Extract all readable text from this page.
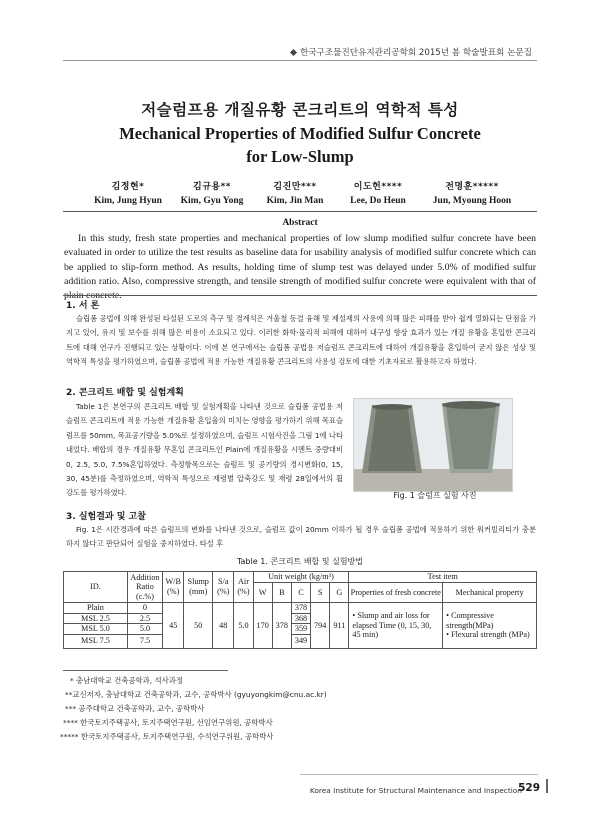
한국구조물진단유지관리공학회 2015년 봄 학술발표회 논문집
저슬럼프용 개질유황 콘크리트의 역학적 특성
Mechanical Properties of Modified Sulfur Concrete for Low-Slump
김정현*
Kim, Jung Hyun
김규용**
Kim, Gyu Yong
김진만***
Kim, Jin Man
이도헌****
Lee, Do Heun
전명훈*****
Jun, Myoung Hoon
Abstract
In this study, fresh state properties and mechanical properties of low slump modified sulfur concrete have been evaluated in order to utilize the test results as baseline data for usability analysis of modified sulfur concrete which can be applied to slip-form method. As results, holding time of slump test was delayed under 5.0% of modified sulfur addition ratio. Also, compressive strength, and tensile strength of modified sulfur concrete were equivalent with that of plain concrete.
1. 서 론
슬립폼 공법에 의해 완성된 타설된 도로의 측구 및 경계석은 겨울철 동결 융해 및 제설제의 사용에 의해 많은 피해를 받아 쉽게 열화되는 단점을 가지고 있어, 유지 및 보수를 위해 많은 비용이 소요되고 있다. 이러한 화학·물리적 피해에 대하여 내구성 향상 효과가 있는 개질 유황을 혼입한 콘크리트에 대해 연구가 진행되고 있는 상황이다. 이에 본 연구에서는 슬립폼 공법용 저슬럼프 콘크리트에 대하여 개질유황을 혼입하여 굳지 않은 성상 및 역학적 특성을 평가하였으며, 슬립폼 공법에 적용 가능한 개질유황 콘크리트의 사용성 검토에 대한 기초자료로 활용하고자 하였다.
2. 콘크리트 배합 및 실험계획
Table 1은 본연구의 콘크리트 배합 및 실험계획을 나타낸 것으로 슬립폼 공법용 저슬럼프 콘크리트에 적용 가능한 개질유황 혼입율의 미치는 영향을 평가하기 위해 목표슬럼프를 50mm, 목표공기량을 5.0%로 설정하였으며, 슬럼프 시험사진을 그림 1에 나타내었다. 배합의 경우 개질유황 무혼입 콘크리트인 Plain에 개질유황을 시멘트 중량대비 0, 2.5, 5.0, 7.5%혼입하였다. 측정항목으로는 슬럼프 및 공기량의 경시변화(0, 15, 30, 45분)를 측정하였으며, 역학적 특성으로 재령별 압축강도 및 재령 28일에서의 휨강도를 평가하였다.	Fig. 1 슬럼프 실험 사진
3. 실험결과 및 고찰
Fig. 1은 시간경과에 따른 슬럼프의 변화를 나타낸 것으로, 슬럼프 값이 20mm 이하가 될 경우 슬립폼 공법에 적용하기 위한 워커빌리티가 충분하지 않다고 판단되어 실험을 중지하였다. 타설 후
Table 1. 콘크리트 배합 및 실험방법
ID.	Addition Ratio (c.%)	W/B (%)	Slump (mm)	S/a (%)	Air (%)	Unit weight (kg/m³)					Test item	
						W	B	C	S	G	Properties of fresh concrete	Mechanical property
Plain	0	45	50	48	5.0	170	378	378	794	911	• Slump and air loss for elapsed Time (0, 15, 30, 45 min)	• Compressive strength(MPa)
• Flexural strength (MPa)

MSL 2.5	2.5							368				
MSL 5.0	5.0							359				
MSL 7.5	7.5							349				
* 충남대학교 건축공학과, 석사과정
**교신저자, 충남대학교 건축공학과, 교수, 공학박사 (gyuyongkim@cnu.ac.kr)
*** 공주대학교 건축공학과, 교수, 공학박사
**** 한국토지주택공사, 토지주택연구원, 선임연구위원, 공학박사
***** 한국토지주택공사, 토지주택연구원, 수석연구위원, 공학박사
Korea Institute for Structural Maintenance and Inspection
529
